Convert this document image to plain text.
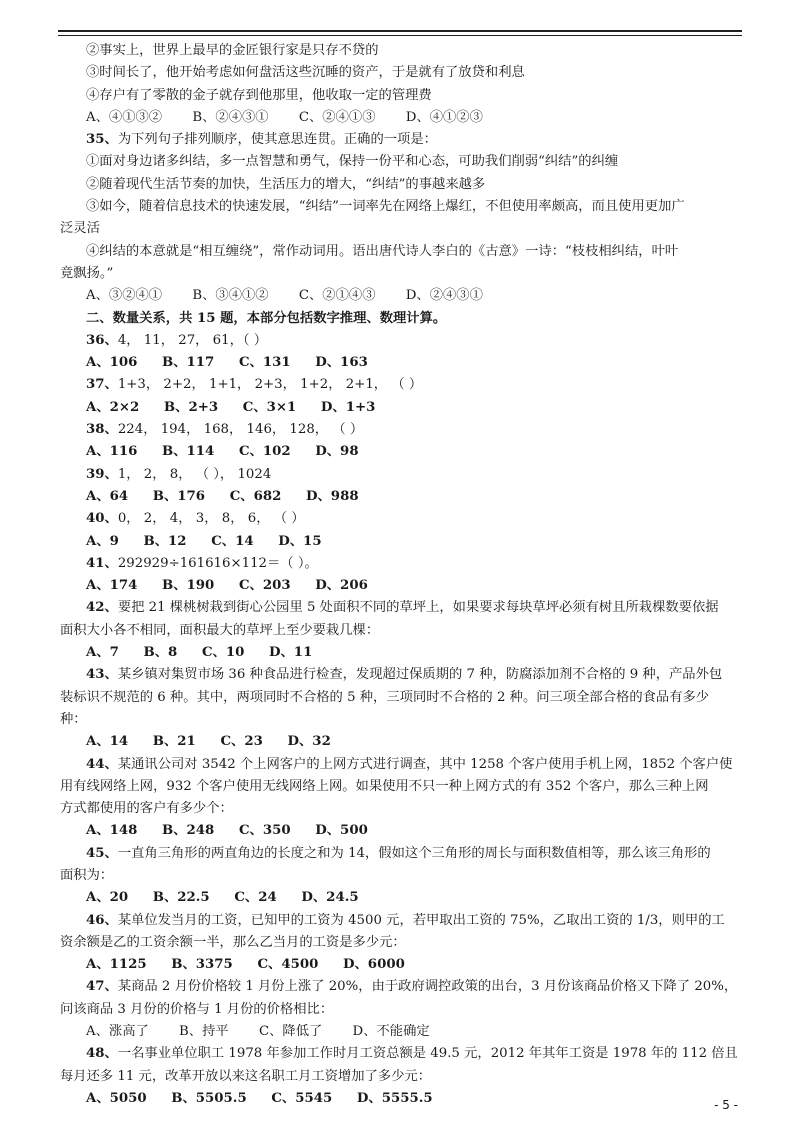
②事实上，世界上最早的金匠银行家是只存不贷的
③时间长了，他开始考虑如何盘活这些沉睡的资产，于是就有了放贷和利息
④存户有了零散的金子就存到他那里，他收取一定的管理费
A、④①③② B、②④③① C、②④①③ D、④①②③
35、为下列句子排列顺序，使其意思连贯。正确的一项是：
①面对身边诸多纠结，多一点智慧和勇气，保持一份平和心态，可助我们削弱“纠结”的纠缠
②随着现代生活节奏的加快，生活压力的增大，“纠结”的事越来越多
③如今，随着信息技术的快速发展，“纠结”一词率先在网络上爆红，不但使用率颇高，而且使用更加广
泛灵活
④纠结的本意就是“相互缠绕”，常作动词用。语出唐代诗人李白的《古意》一诗：“枝枝相纠结，叶叶
竟飘扬。”
A、③②④① B、③④①② C、②①④③ D、②④③①
二、数量关系，共 15 题，本部分包括数字推理、数理计算。
36、4， 11， 27， 61，（ ）
A、106 B、117 C、131 D、163
37、1+3， 2+2， 1+1， 2+3， 1+2， 2+1， （ ）
A、2×2 B、2+3 C、3×1 D、1+3
38、224， 194， 168， 146， 128， （ ）
A、116 B、114 C、102 D、98
39、1， 2， 8， （ ）， 1024
A、64 B、176 C、682 D、988
40、0， 2， 4， 3， 8， 6， （ ）
A、9 B、12 C、14 D、15
41、292929÷161616×112＝（ ）。
A、174 B、190 C、203 D、206
42、要把 21 棵桃树栽到街心公园里 5 处面积不同的草坪上，如果要求每块草坪必须有树且所栽棵数要依据
面积大小各不相同，面积最大的草坪上至少要栽几棵：
A、7 B、8 C、10 D、11
43、某乡镇对集贸市场 36 种食品进行检查，发现超过保质期的 7 种，防腐添加剂不合格的 9 种，产品外包
装标识不规范的 6 种。其中，两项同时不合格的 5 种，三项同时不合格的 2 种。问三项全部合格的食品有多少
种：
A、14 B、21 C、23 D、32
44、某通讯公司对 3542 个上网客户的上网方式进行调查，其中 1258 个客户使用手机上网，1852 个客户使
用有线网络上网，932 个客户使用无线网络上网。如果使用不只一种上网方式的有 352 个客户，那么三种上网
方式都使用的客户有多少个：
A、148 B、248 C、350 D、500
45、一直角三角形的两直角边的长度之和为 14，假如这个三角形的周长与面积数值相等，那么该三角形的
面积为：
A、20 B、22.5 C、24 D、24.5
46、某单位发当月的工资，已知甲的工资为 4500 元，若甲取出工资的 75%，乙取出工资的 1/3，则甲的工
资余额是乙的工资余额一半，那么乙当月的工资是多少元：
A、1125 B、3375 C、4500 D、6000
47、某商品 2 月份价格较 1 月份上涨了 20%，由于政府调控政策的出台，3 月份该商品价格又下降了 20%，
问该商品 3 月份的价格与 1 月份的价格相比：
A、涨高了 B、持平 C、降低了 D、不能确定
48、一名事业单位职工 1978 年参加工作时月工资总额是 49.5 元，2012 年其年工资是 1978 年的 112 倍且
每月还多 11 元，改革开放以来这名职工月工资增加了多少元：
A、5050 B、5505.5 C、5545 D、5555.5	- 5 -
